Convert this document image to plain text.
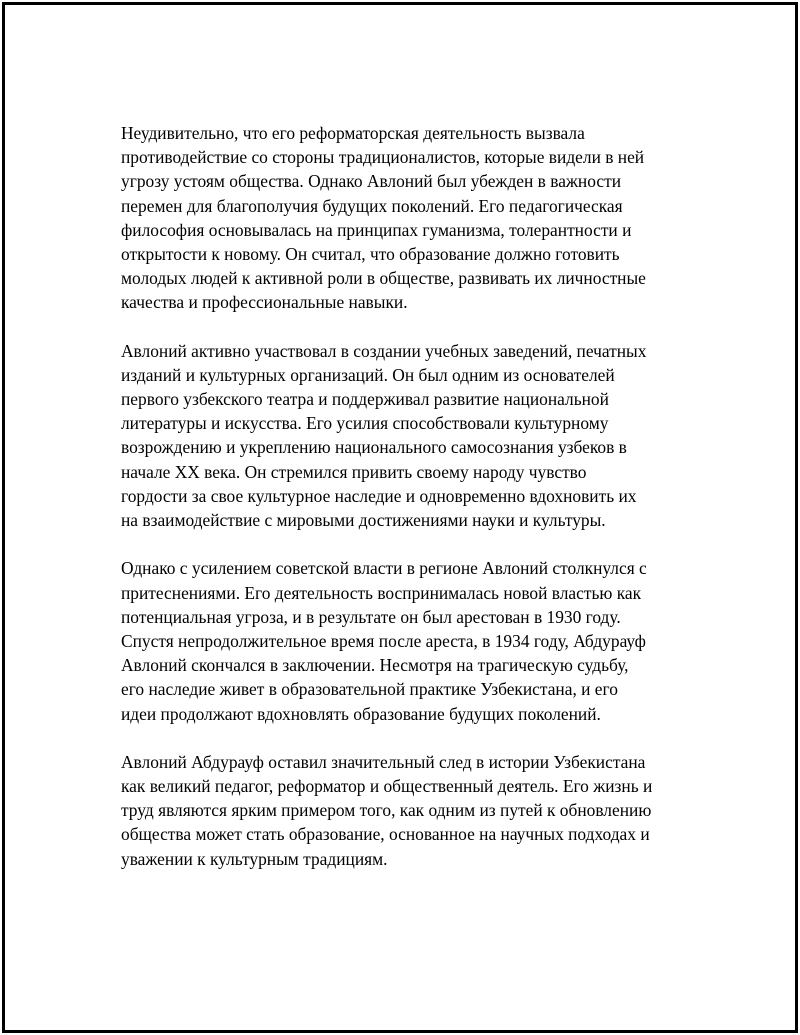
Неудивительно, что его реформаторская деятельность вызвала
противодействие со стороны традиционалистов, которые видели в ней
угрозу устоям общества. Однако Авлоний был убежден в важности
перемен для благополучия будущих поколений. Его педагогическая
философия основывалась на принципах гуманизма, толерантности и
открытости к новому. Он считал, что образование должно готовить
молодых людей к активной роли в обществе, развивать их личностные
качества и профессиональные навыки.
Авлоний активно участвовал в создании учебных заведений, печатных
изданий и культурных организаций. Он был одним из основателей
первого узбекского театра и поддерживал развитие национальной
литературы и искусства. Его усилия способствовали культурному
возрождению и укреплению национального самосознания узбеков в
начале XX века. Он стремился привить своему народу чувство
гордости за свое культурное наследие и одновременно вдохновить их
на взаимодействие с мировыми достижениями науки и культуры.
Однако с усилением советской власти в регионе Авлоний столкнулся с
притеснениями. Его деятельность воспринималась новой властью как
потенциальная угроза, и в результате он был арестован в 1930 году.
Спустя непродолжительное время после ареста, в 1934 году, Абдурауф
Авлоний скончался в заключении. Несмотря на трагическую судьбу,
его наследие живет в образовательной практике Узбекистана, и его
идеи продолжают вдохновлять образование будущих поколений.
Авлоний Абдурауф оставил значительный след в истории Узбекистана
как великий педагог, реформатор и общественный деятель. Его жизнь и
труд являются ярким примером того, как одним из путей к обновлению
общества может стать образование, основанное на научных подходах и
уважении к культурным традициям.
